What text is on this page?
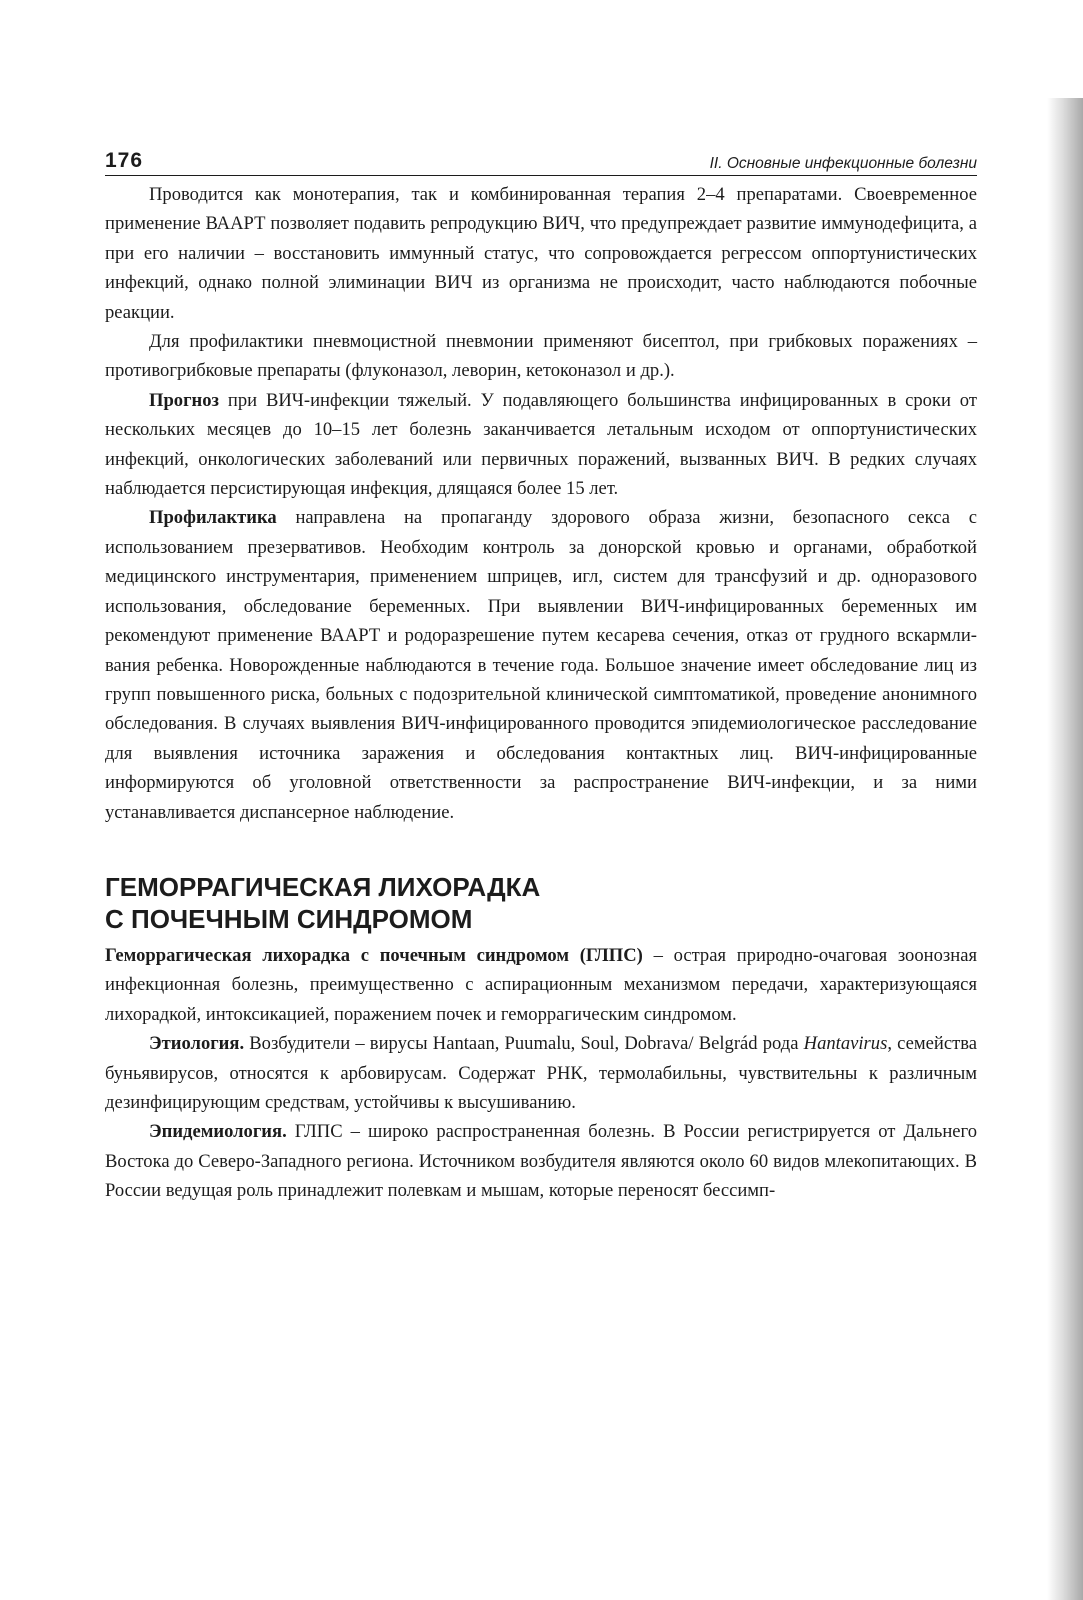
176	II. Основные инфекционные болезни

Проводится как монотерапия, так и комбинированная терапия 2–4 препаратами. Своевременное применение ВААРТ позволяет подавить репродукцию ВИЧ, что предупреждает развитие иммунодефицита, а при его наличии – восстановить иммунный статус, что сопровождается регрессом оппортунистических инфекций, однако полной элиминации ВИЧ из организма не происходит, часто наблюдаются побочные реакции.

Для профилактики пневмоцистной пневмонии применяют бисептол, при грибковых поражениях – противогрибковые препараты (флуконазол, леворин, кетоконазол и др.).

Прогноз при ВИЧ-инфекции тяжелый. У подавляющего большинства инфицированных в сроки от нескольких месяцев до 10–15 лет болезнь заканчивается летальным исходом от оппортунистических инфекций, онкологических заболеваний или первичных поражений, вызванных ВИЧ. В редких случаях наблюдается персистирующая инфекция, длящаяся более 15 лет.

Профилактика направлена на пропаганду здорового образа жизни, безопасного секса с использованием презервативов. Необходим контроль за донорской кровью и органами, обработкой медицинского инструментария, применением шприцев, игл, систем для трансфузий и др. одноразового использования, обследование беременных. При выявлении ВИЧ-инфицированных беременных им рекомендуют применение ВААРТ и родоразрешение путем кесарева сечения, отказ от грудного вскармливания ребенка. Новорожденные наблюдаются в течение года. Большое значение имеет обследование лиц из групп повышенного риска, больных с подозрительной клинической симптоматикой, проведение анонимного обследования. В случаях выявления ВИЧ-инфицированного проводится эпидемиологическое расследование для выявления источника заражения и обследования контактных лиц. ВИЧ-инфицированные информируются об уголовной ответственности за распространение ВИЧ-инфекции, и за ними устанавливается диспансерное наблюдение.

ГЕМОРРАГИЧЕСКАЯ ЛИХОРАДКА
С ПОЧЕЧНЫМ СИНДРОМОМ

Геморрагическая лихорадка с почечным синдромом (ГЛПС) – острая природно-очаговая зоонозная инфекционная болезнь, преимущественно с аспирационным механизмом передачи, характеризующаяся лихорадкой, интоксикацией, поражением почек и геморрагическим синдромом.

Этиология. Возбудители – вирусы Hantaan, Puumalu, Soul, Dobrava/ Belgrád рода Hantavirus, семейства буньявирусов, относятся к арбовирусам. Содержат РНК, термолабильны, чувствительны к различным дезинфицирующим средствам, устойчивы к высушиванию.

Эпидемиология. ГЛПС – широко распространенная болезнь. В России регистрируется от Дальнего Востока до Северо-Западного региона. Источником возбудителя являются около 60 видов млекопитающих. В России ведущая роль принадлежит полевкам и мышам, которые переносят бессимп-
